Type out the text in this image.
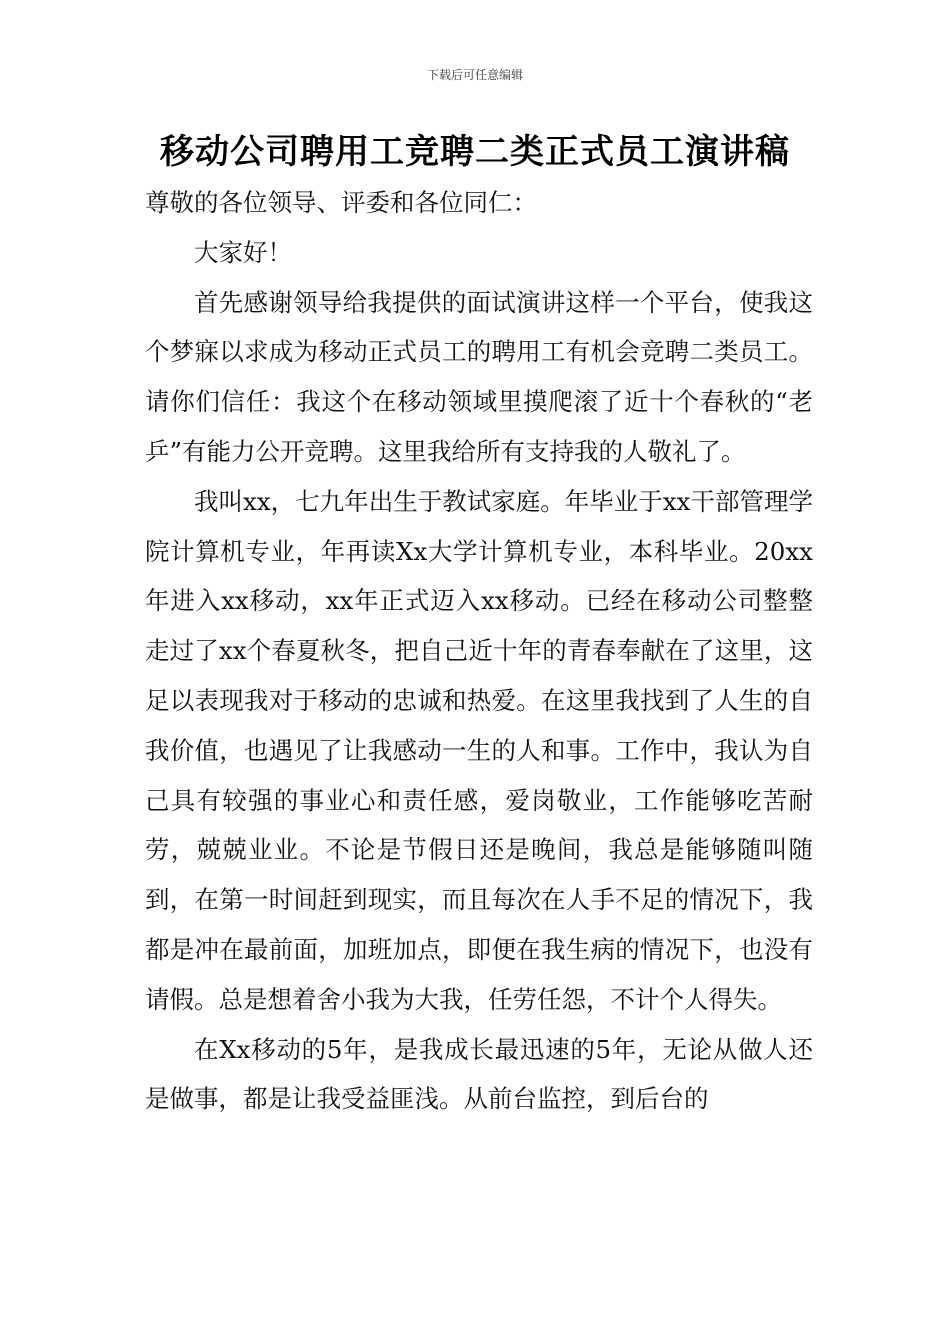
下载后可任意编辑
移动公司聘用工竞聘二类正式员工演讲稿

尊敬的各位领导、评委和各位同仁：

大家好！

首先感谢领导给我提供的面试演讲这样一个平台，使我这个梦寐以求成为移动正式员工的聘用工有机会竞聘二类员工。请你们信任：我这个在移动领域里摸爬滚了近十个春秋的“老乒”有能力公开竞聘。这里我给所有支持我的人敬礼了。

我叫xx，七九年出生于教试家庭。年毕业于xx干部管理学院计算机专业，年再读Xx大学计算机专业，本科毕业。20xx年进入xx移动，xx年正式迈入xx移动。已经在移动公司整整走过了xx个春夏秋冬，把自己近十年的青春奉献在了这里，这足以表现我对于移动的忠诚和热爱。在这里我找到了人生的自我价值，也遇见了让我感动一生的人和事。工作中，我认为自己具有较强的事业心和责任感，爱岗敬业，工作能够吃苦耐劳，兢兢业业。不论是节假日还是晚间，我总是能够随叫随到，在第一时间赶到现实，而且每次在人手不足的情况下，我都是冲在最前面，加班加点，即便在我生病的情况下，也没有请假。总是想着舍小我为大我，任劳任怨，不计个人得失。

在Xx移动的5年，是我成长最迅速的5年，无论从做人还是做事，都是让我受益匪浅。从前台监控，到后台的
